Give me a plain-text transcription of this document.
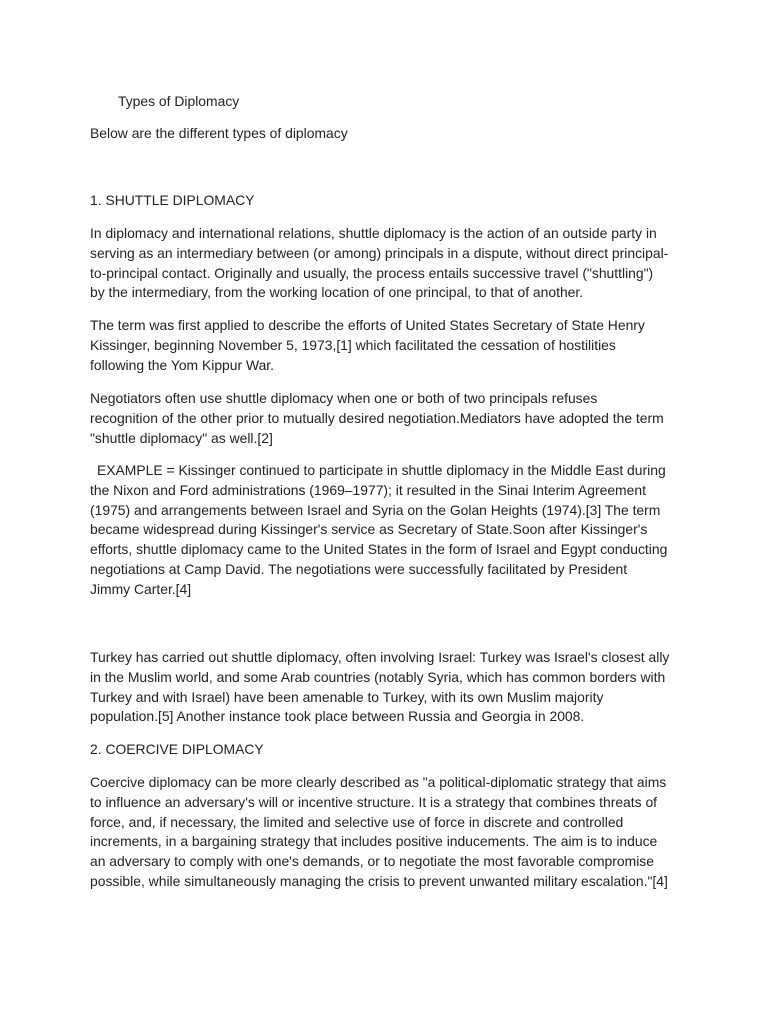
Types of Diplomacy

Below are the different types of diplomacy

1. SHUTTLE DIPLOMACY

In diplomacy and international relations, shuttle diplomacy is the action of an outside party in
serving as an intermediary between (or among) principals in a dispute, without direct principal-
to-principal contact. Originally and usually, the process entails successive travel ("shuttling")
by the intermediary, from the working location of one principal, to that of another.

The term was first applied to describe the efforts of United States Secretary of State Henry
Kissinger, beginning November 5, 1973,[1] which facilitated the cessation of hostilities
following the Yom Kippur War.

Negotiators often use shuttle diplomacy when one or both of two principals refuses
recognition of the other prior to mutually desired negotiation.Mediators have adopted the term
"shuttle diplomacy" as well.[2]

EXAMPLE = Kissinger continued to participate in shuttle diplomacy in the Middle East during
the Nixon and Ford administrations (1969–1977); it resulted in the Sinai Interim Agreement
(1975) and arrangements between Israel and Syria on the Golan Heights (1974).[3] The term
became widespread during Kissinger's service as Secretary of State.Soon after Kissinger's
efforts, shuttle diplomacy came to the United States in the form of Israel and Egypt conducting
negotiations at Camp David. The negotiations were successfully facilitated by President
Jimmy Carter.[4]

Turkey has carried out shuttle diplomacy, often involving Israel: Turkey was Israel's closest ally
in the Muslim world, and some Arab countries (notably Syria, which has common borders with
Turkey and with Israel) have been amenable to Turkey, with its own Muslim majority
population.[5] Another instance took place between Russia and Georgia in 2008.

2. COERCIVE DIPLOMACY

Coercive diplomacy can be more clearly described as "a political-diplomatic strategy that aims
to influence an adversary's will or incentive structure. It is a strategy that combines threats of
force, and, if necessary, the limited and selective use of force in discrete and controlled
increments, in a bargaining strategy that includes positive inducements. The aim is to induce
an adversary to comply with one's demands, or to negotiate the most favorable compromise
possible, while simultaneously managing the crisis to prevent unwanted military escalation."[4]
